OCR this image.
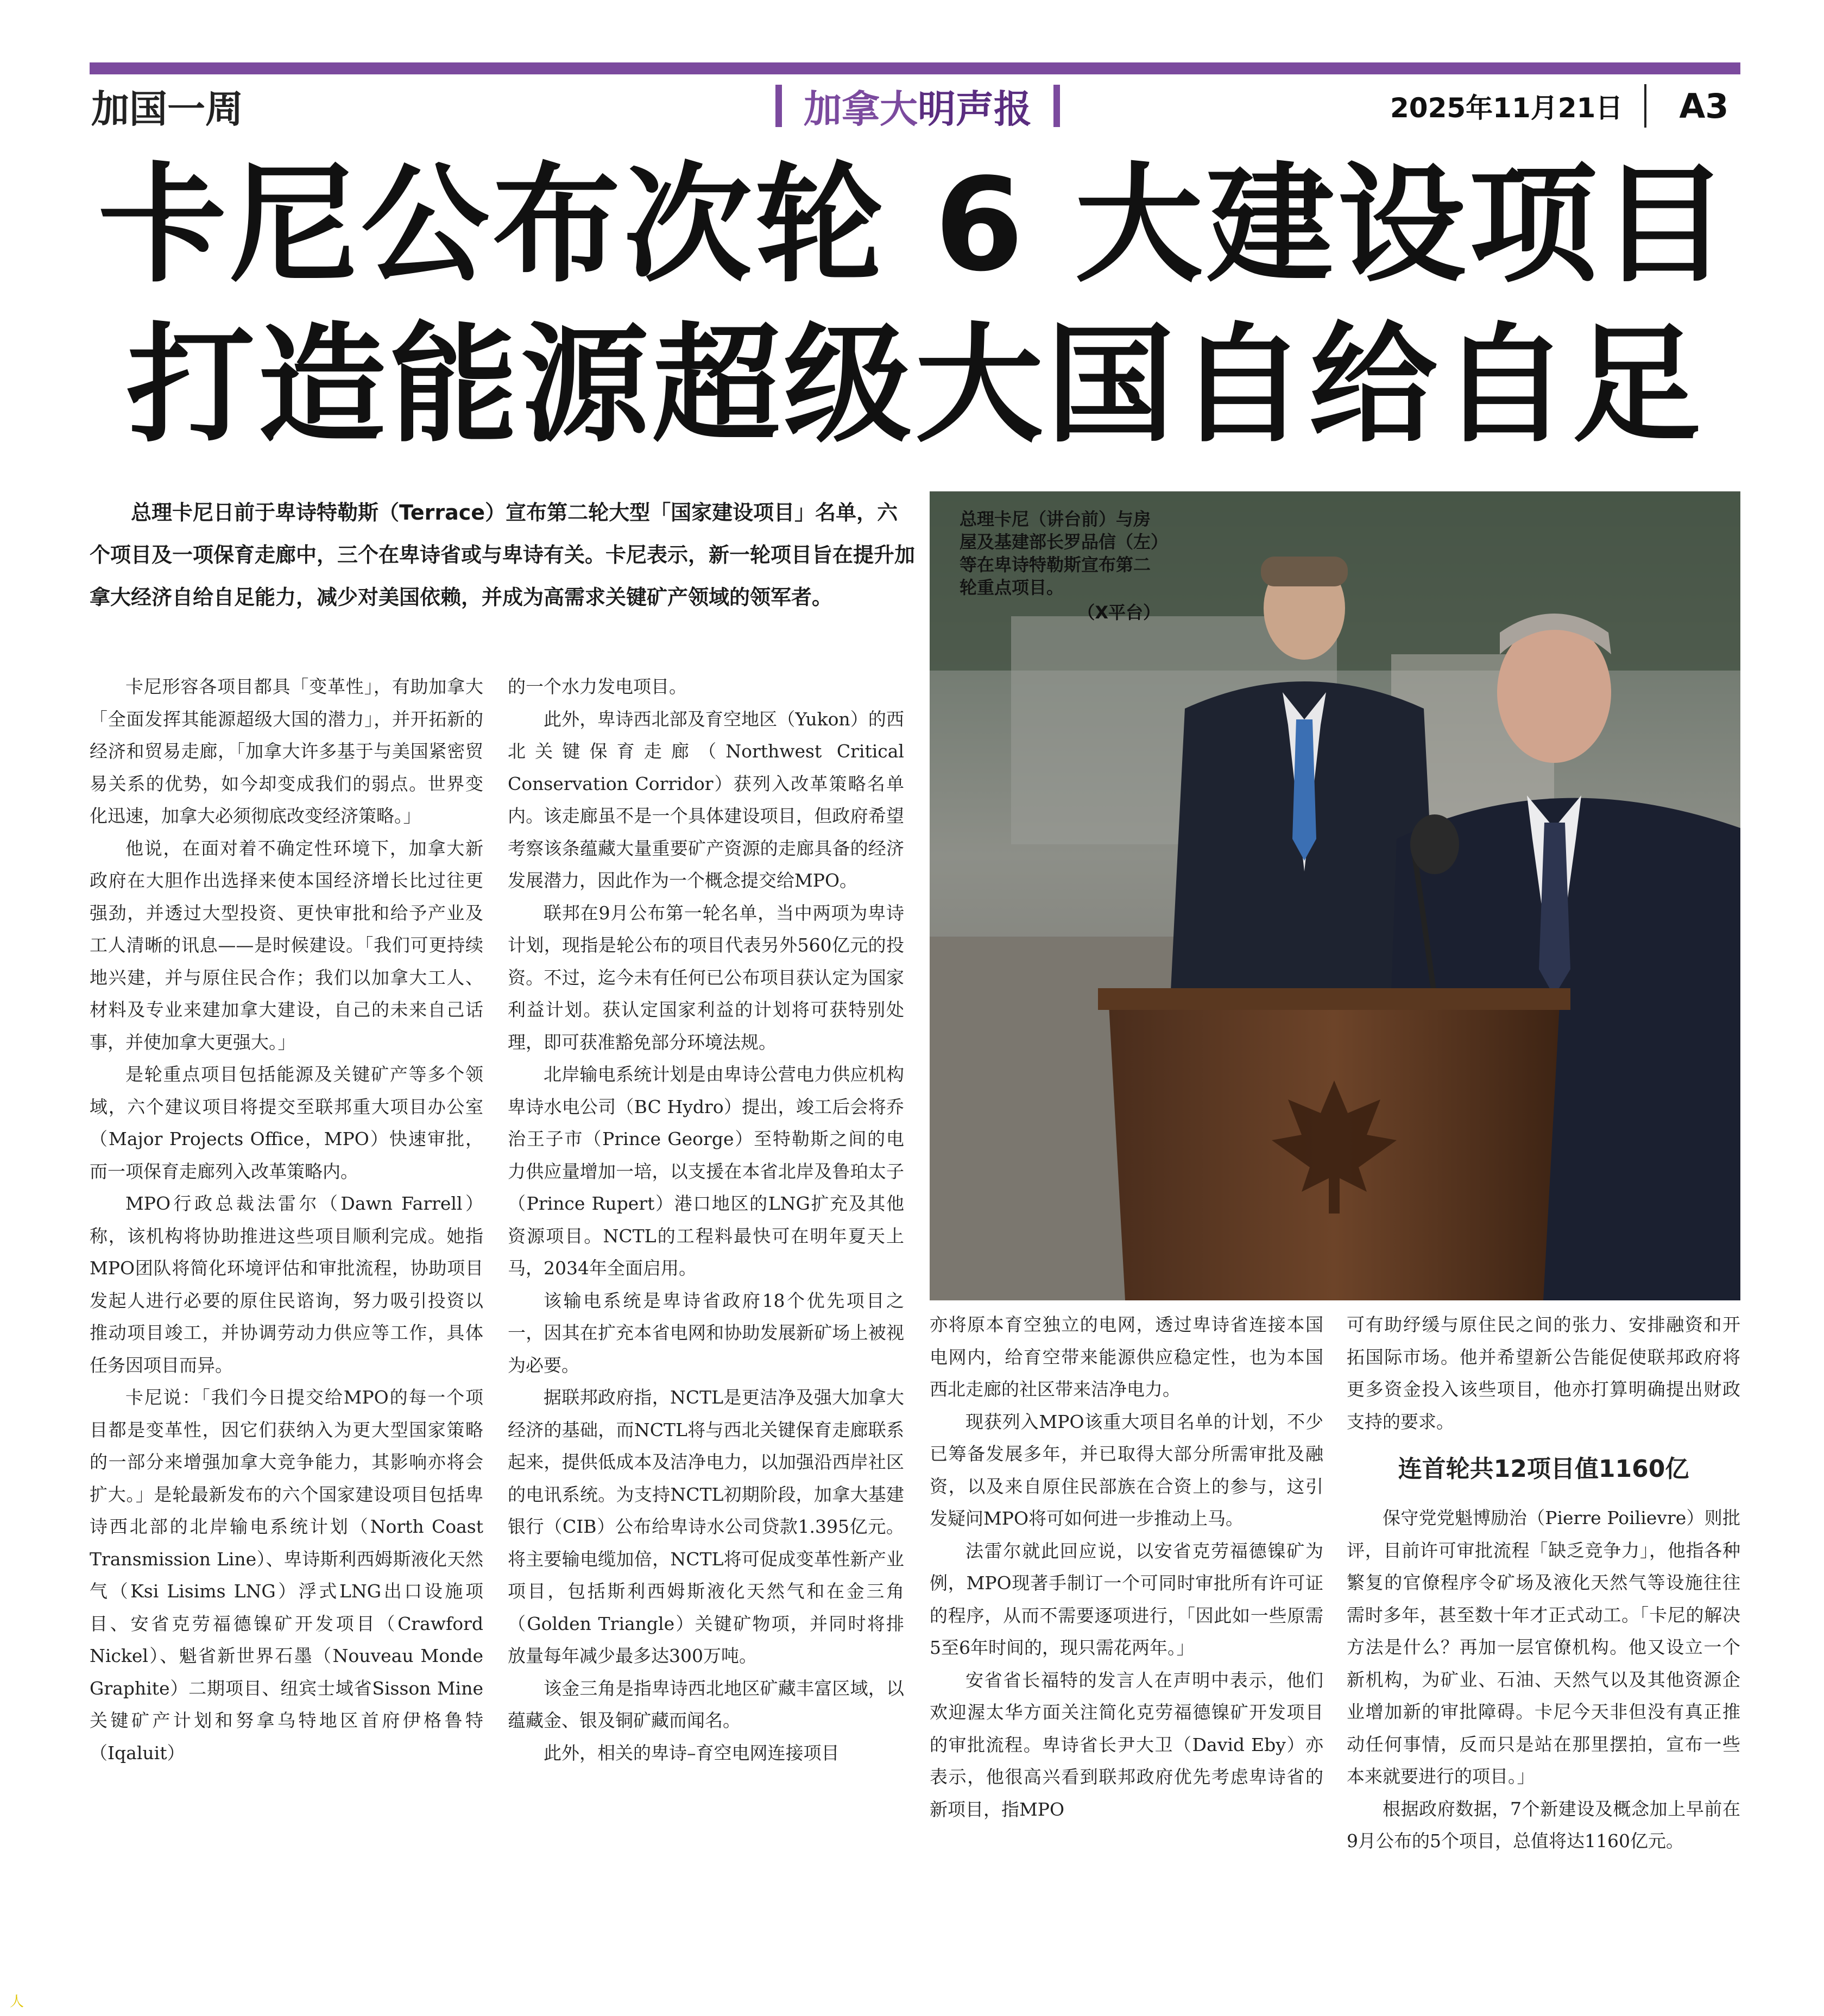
加国一周	加拿大 明声报	2025年11月21日 A3
卡尼公布次轮 6 大建设项目
打造能源超级大国自给自足

总理卡尼日前于卑诗特勒斯（Terrace）宣布第二轮大型「国家建设项目」名单，六个项目及一项保育走廊中，三个在卑诗省或与卑诗有关。卡尼表示，新一轮项目旨在提升加拿大经济自给自足能力，减少对美国依赖，并成为高需求关键矿产领域的领军者。

卡尼形容各项目都具「变革性」，有助加拿大「全面发挥其能源超级大国的潜力」，并开拓新的经济和贸易走廊，「加拿大许多基于与美国紧密贸易关系的优势，如今却变成我们的弱点。世界变化迅速，加拿大必须彻底改变经济策略。」

他说，在面对着不确定性环境下，加拿大新政府在大胆作出选择来使本国经济增长比过往更强劲，并透过大型投资、更快审批和给予产业及工人清晰的讯息——是时候建设。「我们可更持续地兴建，并与原住民合作；我们以加拿大工人、材料及专业来建加拿大建设，自己的未来自己话事，并使加拿大更强大。」

是轮重点项目包括能源及关键矿产等多个领域，六个建议项目将提交至联邦重大项目办公室（Major Projects Office，MPO）快速审批，而一项保育走廊列入改革策略内。

MPO行政总裁法雷尔（Dawn Farrell）称，该机构将协助推进这些项目顺利完成。她指MPO团队将简化环境评估和审批流程，协助项目发起人进行必要的原住民谘询，努力吸引投资以推动项目竣工，并协调劳动力供应等工作，具体任务因项目而异。

卡尼说：「我们今日提交给MPO的每一个项目都是变革性，因它们获纳入为更大型国家策略的一部分来增强加拿大竞争能力，其影响亦将会扩大。」是轮最新发布的六个国家建设项目包括卑诗西北部的北岸输电系统计划（North Coast Transmission Line）、卑诗斯利西姆斯液化天然气（Ksi Lisims LNG）浮式LNG出口设施项目、安省克劳福德镍矿开发项目（Crawford Nickel）、魁省新世界石墨（Nouveau Monde Graphite）二期项目、纽宾士域省Sisson Mine关键矿产计划和努拿乌特地区首府伊格鲁特（Iqaluit）

的一个水力发电项目。

此外，卑诗西北部及育空地区（Yukon）的西北关键保育走廊（Northwest Critical Conservation Corridor）获列入改革策略名单内。该走廊虽不是一个具体建设项目，但政府希望考察该条蕴藏大量重要矿产资源的走廊具备的经济发展潜力，因此作为一个概念提交给MPO。

联邦在9月公布第一轮名单，当中两项为卑诗计划，现指是轮公布的项目代表另外560亿元的投资。不过，迄今未有任何已公布项目获认定为国家利益计划。获认定国家利益的计划将可获特别处理，即可获准豁免部分环境法规。

北岸输电系统计划是由卑诗公营电力供应机构卑诗水电公司（BC Hydro）提出，竣工后会将乔治王子市（Prince George）至特勒斯之间的电力供应量增加一培，以支援在本省北岸及鲁珀太子（Prince Rupert）港口地区的LNG扩充及其他资源项目。NCTL的工程料最快可在明年夏天上马，2034年全面启用。

该输电系统是卑诗省政府18个优先项目之一，因其在扩充本省电网和协助发展新矿场上被视为必要。

据联邦政府指，NCTL是更洁净及强大加拿大经济的基础，而NCTL将与西北关键保育走廊联系起来，提供低成本及洁净电力，以加强沿西岸社区的电讯系统。为支持NCTL初期阶段，加拿大基建银行（CIB）公布给卑诗水公司贷款1.395亿元。将主要输电缆加倍，NCTL将可促成变革性新产业项目，包括斯利西姆斯液化天然气和在金三角（Golden Triangle）关键矿物项，并同时将排放量每年减少最多达300万吨。

该金三角是指卑诗西北地区矿藏丰富区域，以蕴藏金、银及铜矿藏而闻名。

此外，相关的卑诗–育空电网连接项目

总理卡尼（讲台前）与房屋及基建部长罗品信（左）等在卑诗特勒斯宣布第二轮重点项目。
（X平台）

亦将原本育空独立的电网，透过卑诗省连接本国电网内，给育空带来能源供应稳定性，也为本国西北走廊的社区带来洁净电力。

现获列入MPO该重大项目名单的计划，不少已筹备发展多年，并已取得大部分所需审批及融资，以及来自原住民部族在合资上的参与，这引发疑问MPO将可如何进一步推动上马。

法雷尔就此回应说，以安省克劳福德镍矿为例，MPO现著手制订一个可同时审批所有许可证的程序，从而不需要逐项进行，「因此如一些原需5至6年时间的，现只需花两年。」

安省省长福特的发言人在声明中表示，他们欢迎渥太华方面关注简化克劳福德镍矿开发项目的审批流程。卑诗省长尹大卫（David Eby）亦表示，他很高兴看到联邦政府优先考虑卑诗省的新项目，指MPO

可有助纾缓与原住民之间的张力、安排融资和开拓国际市场。他并希望新公告能促使联邦政府将更多资金投入该些项目，他亦打算明确提出财政支持的要求。

连首轮共12项目值1160亿

保守党党魁博励治（Pierre Poilievre）则批评，目前许可审批流程「缺乏竞争力」，他指各种繁复的官僚程序令矿场及液化天然气等设施往往需时多年，甚至数十年才正式动工。「卡尼的解决方法是什么？再加一层官僚机构。他又设立一个新机构，为矿业、石油、天然气以及其他资源企业增加新的审批障碍。卡尼今天非但没有真正推动任何事情，反而只是站在那里摆拍，宣布一些本来就要进行的项目。」

根据政府数据，7个新建设及概念加上早前在9月公布的5个项目，总值将达1160亿元。

人
